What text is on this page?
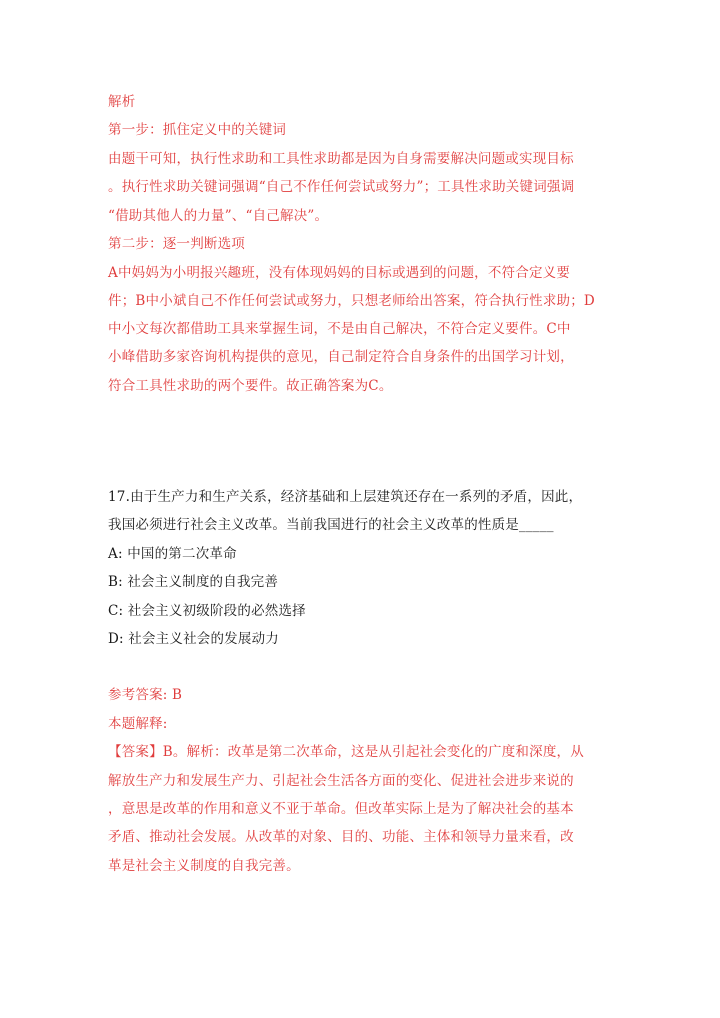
解析
第一步：抓住定义中的关键词
由题干可知，执行性求助和工具性求助都是因为自身需要解决问题或实现目标
。执行性求助关键词强调“自己不作任何尝试或努力”；工具性求助关键词强调
“借助其他人的力量”、“自己解决”。
第二步：逐一判断选项
A中妈妈为小明报兴趣班，没有体现妈妈的目标或遇到的问题，不符合定义要
件；B中小斌自己不作任何尝试或努力，只想老师给出答案，符合执行性求助；D
中小文每次都借助工具来掌握生词，不是由自己解决，不符合定义要件。C中
小峰借助多家咨询机构提供的意见，自己制定符合自身条件的出国学习计划，
符合工具性求助的两个要件。故正确答案为C。
17.由于生产力和生产关系，经济基础和上层建筑还存在一系列的矛盾，因此，
我国必须进行社会主义改革。当前我国进行的社会主义改革的性质是_____
A: 中国的第二次革命
B: 社会主义制度的自我完善
C: 社会主义初级阶段的必然选择
D: 社会主义社会的发展动力
参考答案: B
本题解释:
【答案】B。解析：改革是第二次革命，这是从引起社会变化的广度和深度，从
解放生产力和发展生产力、引起社会生活各方面的变化、促进社会进步来说的
，意思是改革的作用和意义不亚于革命。但改革实际上是为了解决社会的基本
矛盾、推动社会发展。从改革的对象、目的、功能、主体和领导力量来看，改
革是社会主义制度的自我完善。
